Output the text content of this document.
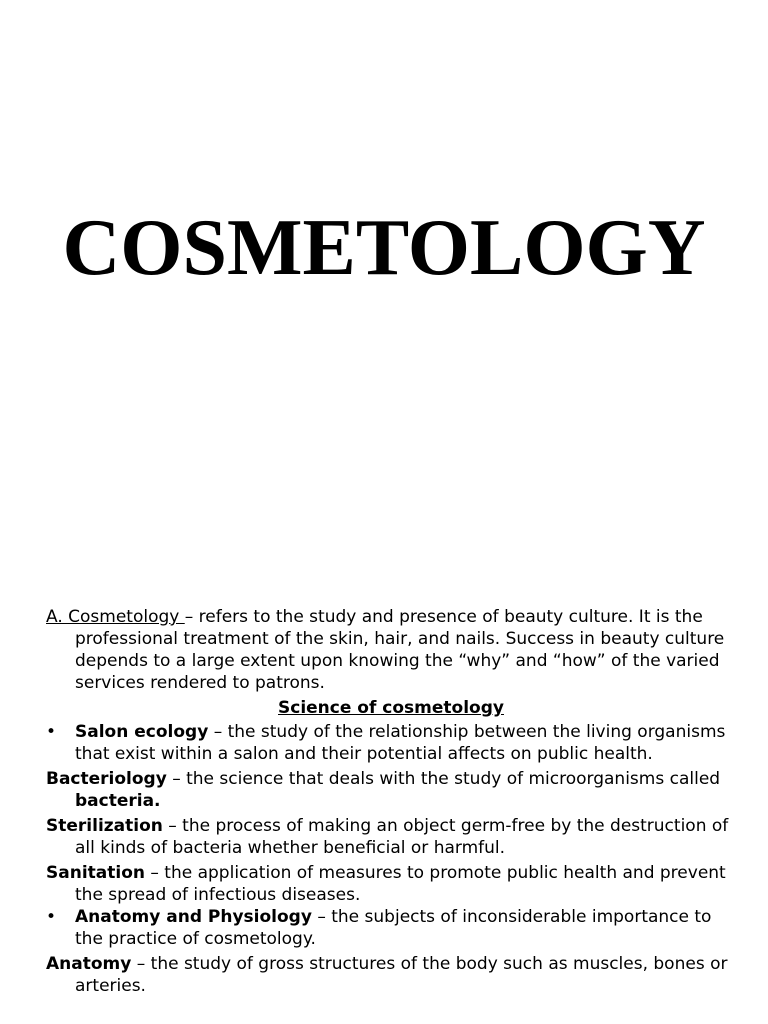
COSMETOLOGY

A. Cosmetology – refers to the study and presence of beauty culture. It is the professional treatment of the skin, hair, and nails. Success in beauty culture depends to a large extent upon knowing the “why” and “how” of the varied services rendered to patrons.

Science of cosmetology

•	Salon ecology – the study of the relationship between the living organisms that exist within a salon and their potential affects on public health.

Bacteriology – the science that deals with the study of microorganisms called bacteria.

Sterilization – the process of making an object germ-free by the destruction of all kinds of bacteria whether beneficial or harmful.

Sanitation – the application of measures to promote public health and prevent the spread of infectious diseases.

•	Anatomy and Physiology – the subjects of inconsiderable importance to the practice of cosmetology.

Anatomy – the study of gross structures of the body such as muscles, bones or arteries.
